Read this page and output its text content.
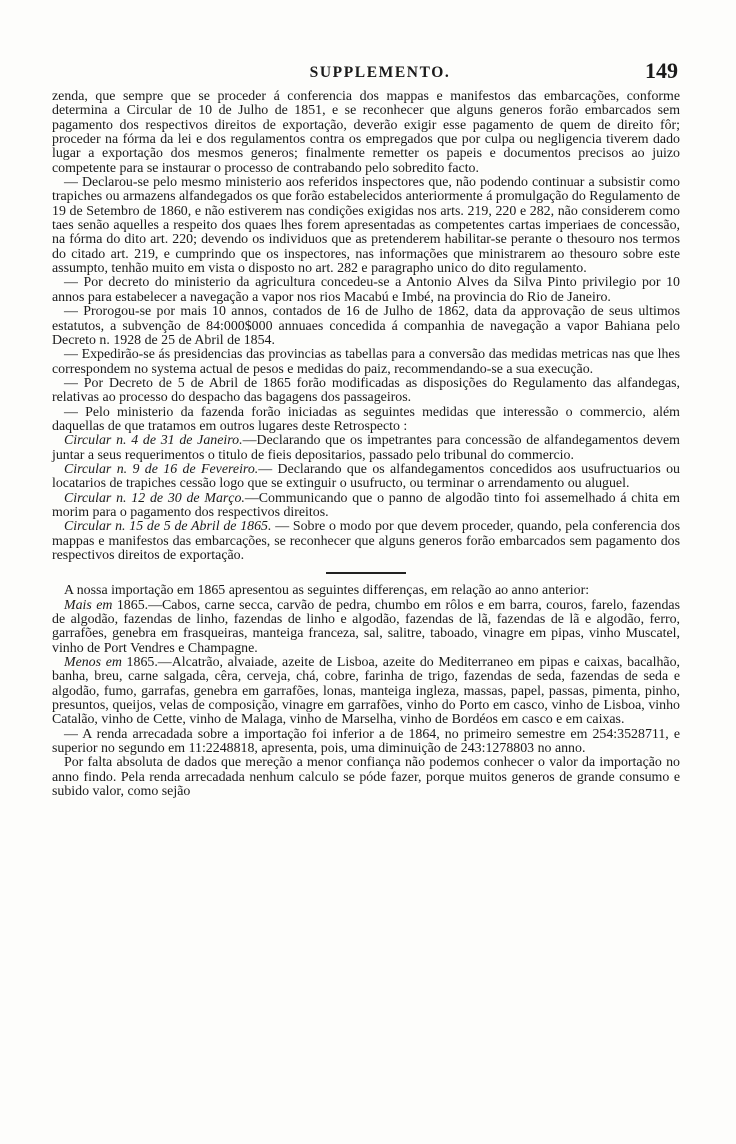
SUPPLEMENTO.	149

zenda, que sempre que se proceder á conferencia dos mappas e manifestos das embarcações, conforme determina a Circular de 10 de Julho de 1851, e se reconhecer que alguns generos forão embarcados sem pagamento dos respectivos direitos de exportação, deverão exigir esse pagamento de quem de direito fôr; proceder na fórma da lei e dos regulamentos contra os empregados que por culpa ou negligencia tiverem dado lugar a exportação dos mesmos generos; finalmente remetter os papeis e documentos precisos ao juizo competente para se instaurar o processo de contrabando pelo sobredito facto.

— Declarou-se pelo mesmo ministerio aos referidos inspectores que, não podendo continuar a subsistir como trapiches ou armazens alfandegados os que forão estabelecidos anteriormente á promulgação do Regulamento de 19 de Setembro de 1860, e não estiverem nas condições exigidas nos arts. 219, 220 e 282, não considerem como taes senão aquelles a respeito dos quaes lhes forem apresentadas as competentes cartas imperiaes de concessão, na fórma do dito art. 220; devendo os individuos que as pretenderem habilitar-se perante o thesouro nos termos do citado art. 219, e cumprindo que os inspectores, nas informações que ministrarem ao thesouro sobre este assumpto, tenhão muito em vista o disposto no art. 282 e paragrapho unico do dito regulamento.

— Por decreto do ministerio da agricultura concedeu-se a Antonio Alves da Silva Pinto privilegio por 10 annos para estabelecer a navegação a vapor nos rios Macabú e Imbé, na provincia do Rio de Janeiro.

— Prorogou-se por mais 10 annos, contados de 16 de Julho de 1862, data da approvação de seus ultimos estatutos, a subvenção de 84:000$000 annuaes concedida á companhia de navegação a vapor Bahiana pelo Decreto n. 1928 de 25 de Abril de 1854.

— Expedirão-se ás presidencias das provincias as tabellas para a conversão das medidas metricas nas que lhes correspondem no systema actual de pesos e medidas do paiz, recommendando-se a sua execução.

— Por Decreto de 5 de Abril de 1865 forão modificadas as disposições do Regulamento das alfandegas, relativas ao processo do despacho das bagagens dos passageiros.

— Pelo ministerio da fazenda forão iniciadas as seguintes medidas que interessão o commercio, além daquellas de que tratamos em outros lugares deste Retrospecto :

Circular n. 4 de 31 de Janeiro.—Declarando que os impetrantes para concessão de alfandegamentos devem juntar a seus requerimentos o titulo de fieis depositarios, passado pelo tribunal do commercio.

Circular n. 9 de 16 de Fevereiro.— Declarando que os alfandegamentos concedidos aos usufructuarios ou locatarios de trapiches cessão logo que se extinguir o usufructo, ou terminar o arrendamento ou aluguel.

Circular n. 12 de 30 de Março.—Communicando que o panno de algodão tinto foi assemelhado á chita em morim para o pagamento dos respectivos direitos.

Circular n. 15 de 5 de Abril de 1865. — Sobre o modo por que devem proceder, quando, pela conferencia dos mappas e manifestos das embarcações, se reconhecer que alguns generos forão embarcados sem pagamento dos respectivos direitos de exportação.

A nossa importação em 1865 apresentou as seguintes differenças, em relação ao anno anterior:

Mais em 1865.—Cabos, carne secca, carvão de pedra, chumbo em rôlos e em barra, couros, farelo, fazendas de algodão, fazendas de linho, fazendas de linho e algodão, fazendas de lã, fazendas de lã e algodão, ferro, garrafões, genebra em frasqueiras, manteiga franceza, sal, salitre, taboado, vinagre em pipas, vinho Muscatel, vinho de Port Vendres e Champagne.

Menos em 1865.—Alcatrão, alvaiade, azeite de Lisboa, azeite do Mediterraneo em pipas e caixas, bacalhão, banha, breu, carne salgada, cêra, cerveja, chá, cobre, farinha de trigo, fazendas de seda, fazendas de seda e algodão, fumo, garrafas, genebra em garrafões, lonas, manteiga ingleza, massas, papel, passas, pimenta, pinho, presuntos, queijos, velas de composição, vinagre em garrafões, vinho do Porto em casco, vinho de Lisboa, vinho Catalão, vinho de Cette, vinho de Malaga, vinho de Marselha, vinho de Bordéos em casco e em caixas.

— A renda arrecadada sobre a importação foi inferior a de 1864, no primeiro semestre em 254:3528711, e superior no segundo em 11:2248818, apresenta, pois, uma diminuição de 243:1278803 no anno.

Por falta absoluta de dados que mereção a menor confiança não podemos conhecer o valor da importação no anno findo. Pela renda arrecadada nenhum calculo se póde fazer, porque muitos generos de grande consumo e subido valor, como sejão
